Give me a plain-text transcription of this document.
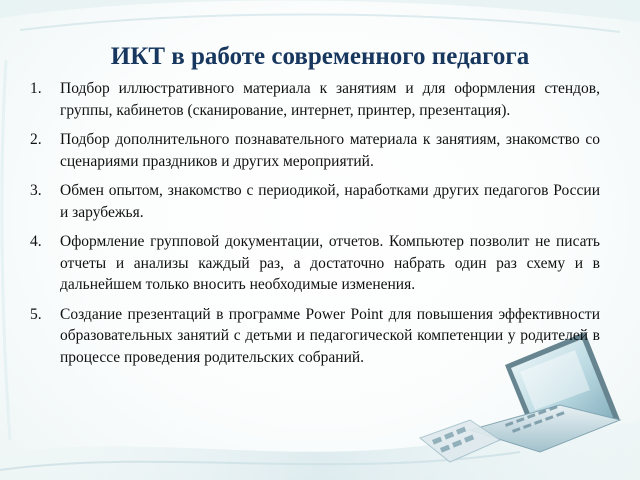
ИКТ в работе современного педагога
1.	Подбор иллюстративного материала к занятиям и для оформления стендов, группы, кабинетов (сканирование, интернет, принтер, презентация).
2.	Подбор дополнительного познавательного материала к занятиям, знакомство со сценариями праздников и других мероприятий.
3.	Обмен опытом, знакомство с периодикой, наработками других педагогов России и зарубежья.
4.	Оформление групповой документации, отчетов. Компьютер позволит не писать отчеты и анализы каждый раз, а достаточно набрать один раз схему и в дальнейшем только вносить необходимые изменения.
5.	Создание презентаций в программе Power Point для повышения эффективности образовательных занятий с детьми и педагогической компетенции у родителей в процессе проведения родительских собраний.
